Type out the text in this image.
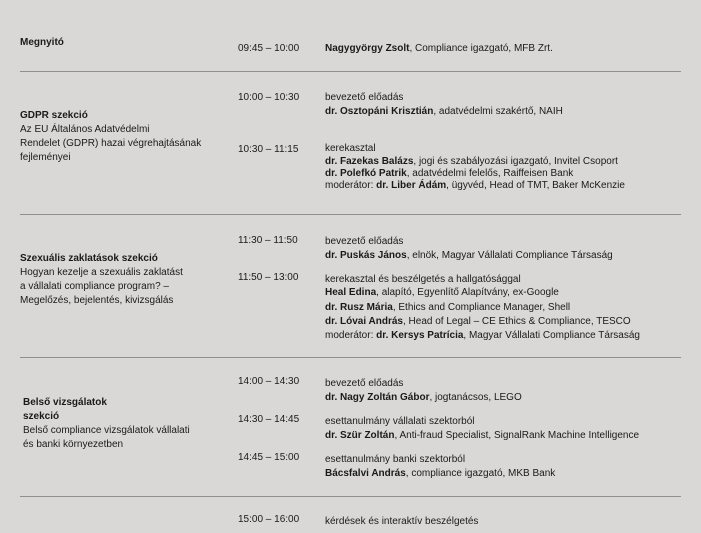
Megnyitó
09:45 – 10:00	Nagygyörgy Zsolt, Compliance igazgató, MFB Zrt.
GDPR szekció
Az EU Általános Adatvédelmi
Rendelet (GDPR) hazai végrehajtásának
fejleményei
10:00 – 10:30	bevezető előadás
dr. Osztopáni Krisztián, adatvédelmi szakértő, NAIH
10:30 – 11:15	kerekasztal
dr. Fazekas Balázs, jogi és szabályozási igazgató, Invitel Csoport
dr. Polefkó Patrik, adatvédelmi felelős, Raiffeisen Bank
moderátor: dr. Liber Ádám, ügyvéd, Head of TMT, Baker McKenzie
Szexuális zaklatások szekció
Hogyan kezelje a szexuális zaklatást
a vállalati compliance program? –
Megelőzés, bejelentés, kivizsgálás
11:30 – 11:50	bevezető előadás
dr. Puskás János, elnök, Magyar Vállalati Compliance Társaság
11:50 – 13:00	kerekasztal és beszélgetés a hallgatósággal
Heal Edina, alapító, Egyenlítő Alapítvány, ex-Google
dr. Rusz Mária, Ethics and Compliance Manager, Shell
dr. Lóvai András, Head of Legal – CE Ethics & Compliance, TESCO
moderátor: dr. Kersys Patrícia, Magyar Vállalati Compliance Társaság
Belső vizsgálatok
szekció
Belső compliance vizsgálatok vállalati
és banki környezetben
14:00 – 14:30	bevezető előadás
dr. Nagy Zoltán Gábor, jogtanácsos, LEGO
14:30 – 14:45	esettanulmány vállalati szektorból
dr. Szür Zoltán, Anti-fraud Specialist, SignalRank Machine Intelligence
14:45 – 15:00	esettanulmány banki szektorból
Bácsfalvi András, compliance igazgató, MKB Bank
15:00 – 16:00	kérdések és interaktív beszélgetés
